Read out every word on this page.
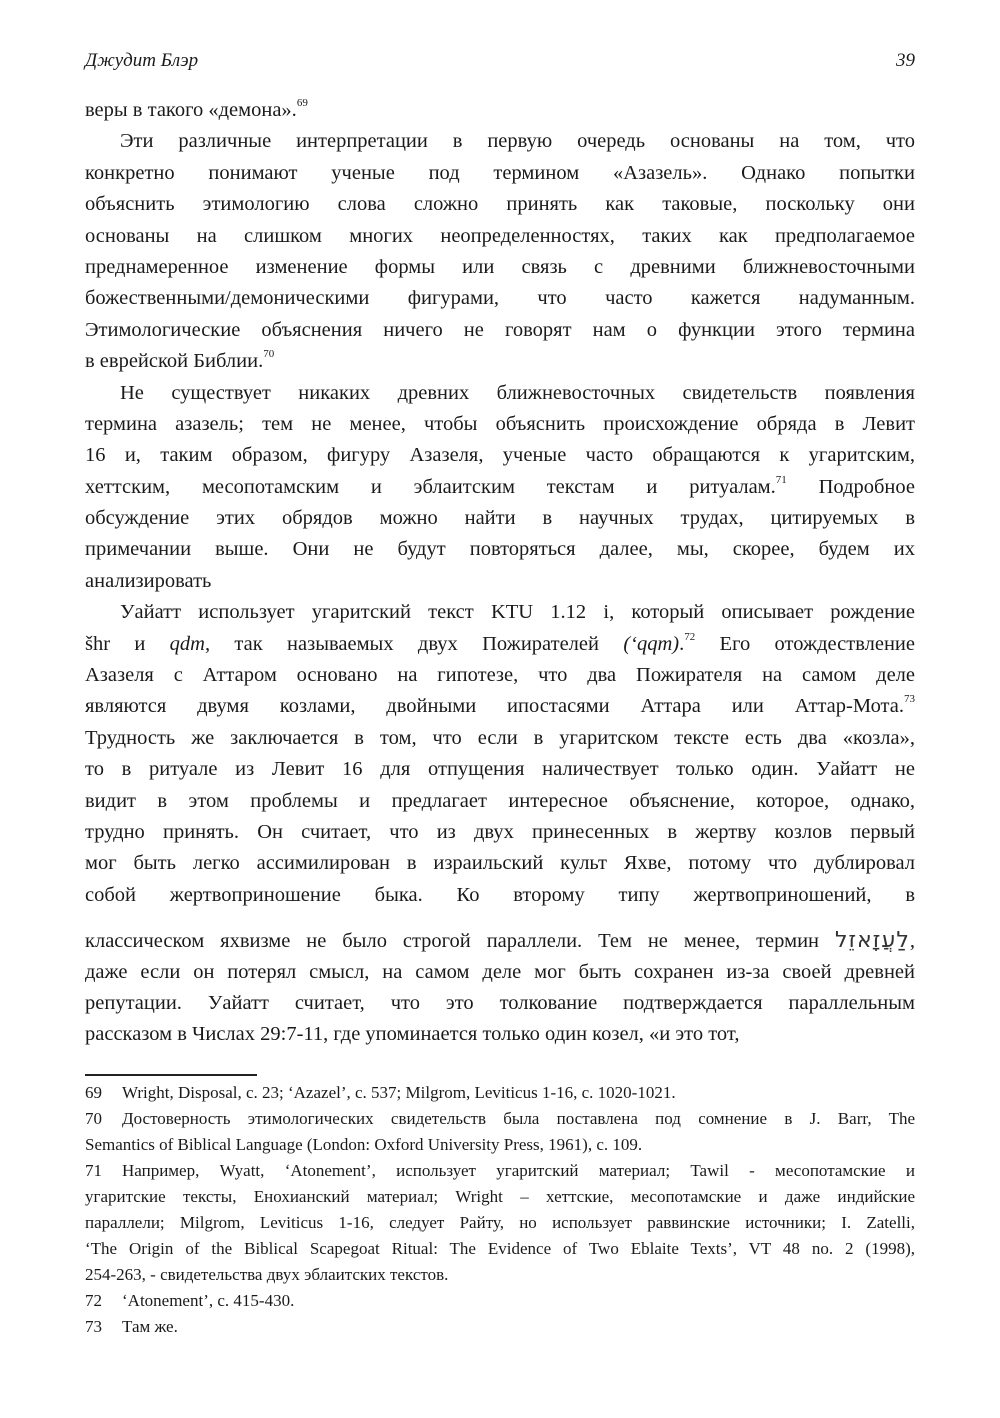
Джудит Блэр	39
веры в такого «демона».$^{69}$
Эти различные интерпретации в первую очередь основаны на том, что
конкретно понимают ученые под термином «Азазель». Однако попытки
объяснить этимологию слова сложно принять как таковые, поскольку они
основаны на слишком многих неопределенностях, таких как предполагаемое
преднамеренное изменение формы или связь с древними ближневосточными
божественными/демоническими фигурами, что часто кажется надуманным.
Этимологические объяснения ничего не говорят нам о функции этого термина
в еврейской Библии.$^{70}$
Не существует никаких древних ближневосточных свидетельств появления
термина азазель; тем не менее, чтобы объяснить происхождение обряда в Левит
16 и, таким образом, фигуру Азазеля, ученые часто обращаются к угаритским,
хеттским, месопотамским и эблаитским текстам и ритуалам.$^{71}$ Подробное
обсуждение этих обрядов можно найти в научных трудах, цитируемых в
примечании выше. Они не будут повторяться далее, мы, скорее, будем их
анализировать
Уайатт использует угаритский текст KTU 1.12 i, который описывает рождение
šhr и qdm, так называемых двух Пожирателей (‘qqm).$^{72}$ Его отождествление
Азазеля с Аттаром основано на гипотезе, что два Пожирателя на самом деле
являются двумя козлами, двойными ипостасями Аттара или Аттар-Мота.$^{73}$
Трудность же заключается в том, что если в угаритском тексте есть два «козла»,
то в ритуале из Левит 16 для отпущения наличествует только один. Уайатт не
видит в этом проблемы и предлагает интересное объяснение, которое, однако,
трудно принять. Он считает, что из двух принесенных в жертву козлов первый
мог быть легко ассимилирован в израильский культ Яхве, потому что дублировал
собой жертвоприношение быка. Ко второму типу жертвоприношений, в
классическом яхвизме не было строгой параллели. Тем не менее, термин לַעֲזָאזֵל,
даже если он потерял смысл, на самом деле мог быть сохранен из-за своей древней
репутации. Уайатт считает, что это толкование подтверждается параллельным
рассказом в Числах 29:7-11, где упоминается только один козел, «и это тот,
69 Wright, Disposal, с. 23; ‘Azazel’, с. 537; Milgrom, Leviticus 1-16, с. 1020-1021.
70 Достоверность этимологических свидетельств была поставлена под сомнение в J. Barr, The
Semantics of Biblical Language (London: Oxford University Press, 1961), с. 109.
71 Например, Wyatt, ‘Atonement’, использует угаритский материал; Tawil - месопотамские и
угаритские тексты, Енохианский материал; Wright – хеттские, месопотамские и даже индийские
параллели; Milgrom, Leviticus 1-16, следует Райту, но использует раввинские источники; I. Zatelli,
‘The Origin of the Biblical Scapegoat Ritual: The Evidence of Two Eblaite Texts’, VT 48 no. 2 (1998),
254-263, - свидетельства двух эблаитских текстов.
72 ‘Atonement’, с. 415-430.
73 Там же.
